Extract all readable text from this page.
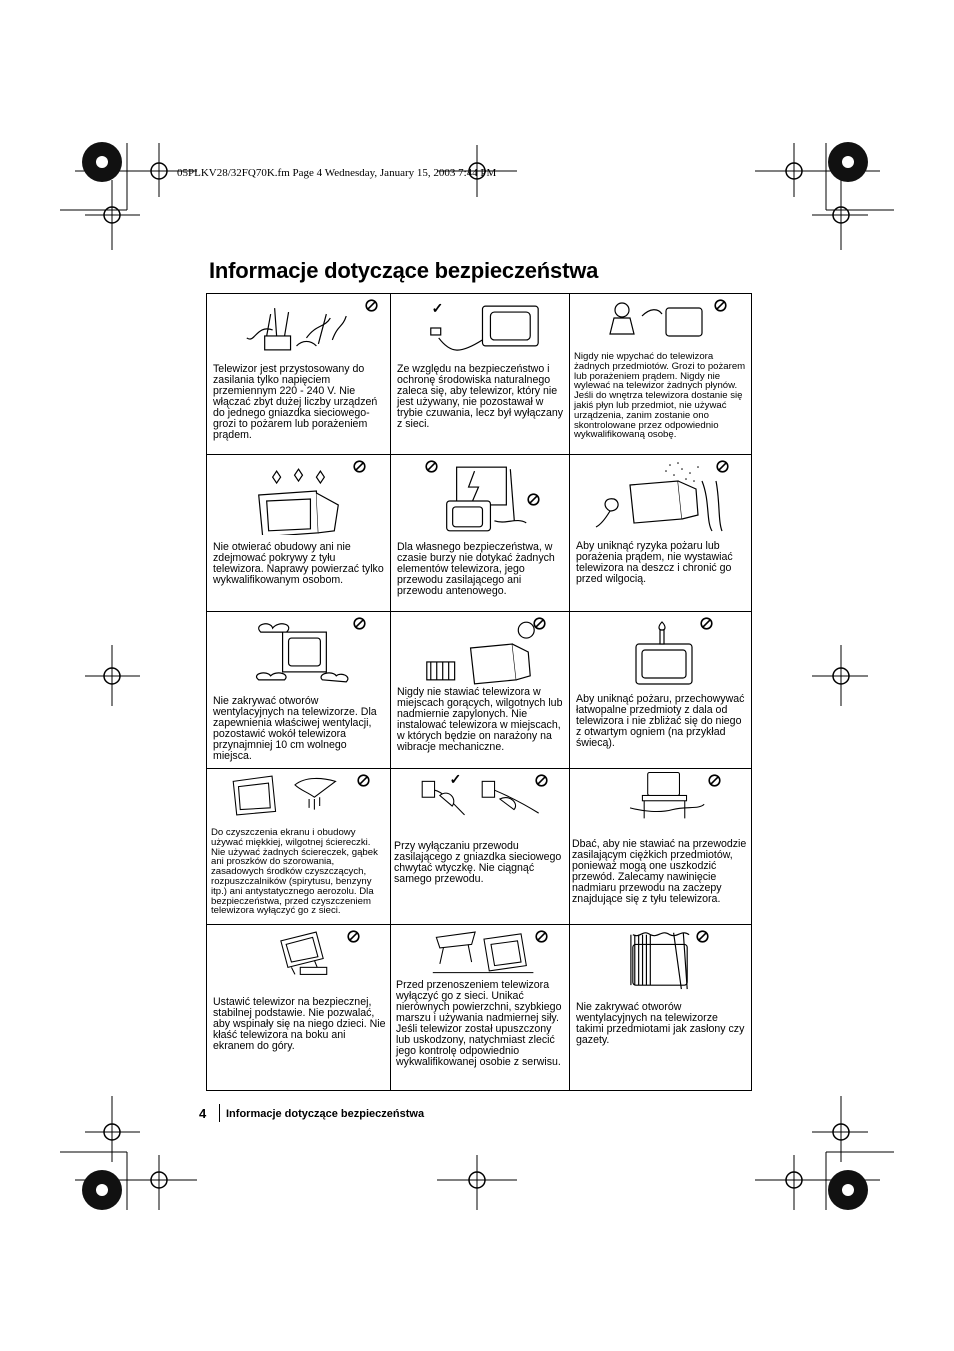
05PLKV28/32FQ70K.fm Page 4 Wednesday, January 15, 2003 7:44 PM
Informacje dotyczące bezpieczeństwa

Telewizor jest przystosowany do zasilania tylko napięciem przemiennym 220 - 240 V. Nie włączać zbyt dużej liczby urządzeń do jednego gniazdka sieciowego- grozi to pożarem lub porażeniem prądem.

✓

Ze względu na bezpieczeństwo i ochronę środowiska naturalnego zaleca się, aby telewizor, który nie jest używany, nie pozostawał w trybie czuwania, lecz był wyłączany z sieci.

Nigdy nie wpychać do telewizora żadnych przedmiotów. Grozi to pożarem lub porażeniem prądem. Nigdy nie wylewać na telewizor żadnych płynów. Jeśli do wnętrza telewizora dostanie się jakiś płyn lub przedmiot, nie używać urządzenia, zanim zostanie ono skontrolowane przez odpowiednio wykwalifikowaną osobę.

Nie otwierać obudowy ani nie zdejmować pokrywy z tyłu telewizora. Naprawy powierzać tylko wykwalifikowanym osobom.

Dla własnego bezpieczeństwa, w czasie burzy nie dotykać żadnych elementów telewizora, jego przewodu zasilającego ani przewodu antenowego.

Aby uniknąć ryzyka pożaru lub porażenia prądem, nie wystawiać telewizora na deszcz i chronić go przed wilgocią.

Nie zakrywać otworów wentylacyjnych na telewizorze. Dla zapewnienia właściwej wentylacji, pozostawić wokół telewizora przynajmniej 10 cm wolnego miejsca.

Nigdy nie stawiać telewizora w miejscach gorących, wilgotnych lub nadmiernie zapylonych. Nie instalować telewizora w miejscach, w których będzie on narażony na wibracje mechaniczne.

Aby uniknąć pożaru, przechowywać łatwopalne przedmioty z dala od telewizora i nie zbliżać się do niego z otwartym ogniem (na przykład świecą).

Do czyszczenia ekranu i obudowy używać miękkiej, wilgotnej ściereczki. Nie używać żadnych ściereczek, gąbek ani proszków do szorowania, zasadowych środków czyszczących, rozpuszczalników (spirytusu, benzyny itp.) ani antystatycznego aerozolu. Dla bezpieczeństwa, przed czyszczeniem telewizora wyłączyć go z sieci.

✓

Przy wyłączaniu przewodu zasilającego z gniazdka sieciowego chwytać wtyczkę. Nie ciągnąć samego przewodu.

Dbać, aby nie stawiać na przewodzie zasilającym ciężkich przedmiotów, ponieważ mogą one uszkodzić przewód. Zalecamy nawinięcie nadmiaru przewodu na zaczepy znajdujące się z tyłu telewizora.

Ustawić telewizor na bezpiecznej, stabilnej podstawie. Nie pozwalać, aby wspinały się na niego dzieci. Nie kłaść telewizora na boku ani ekranem do góry.

Przed przenoszeniem telewizora wyłączyć go z sieci. Unikać nierównych powierzchni, szybkiego marszu i używania nadmiernej siły. Jeśli telewizor został upuszczony lub uskodzony, natychmiast zlecić jego kontrolę odpowiednio wykwalifikowanej osobie z serwisu.

Nie zakrywać otworów wentylacyjnych na telewizorze takimi przedmiotami jak zasłony czy gazety.

4 Informacje dotyczące bezpieczeństwa
